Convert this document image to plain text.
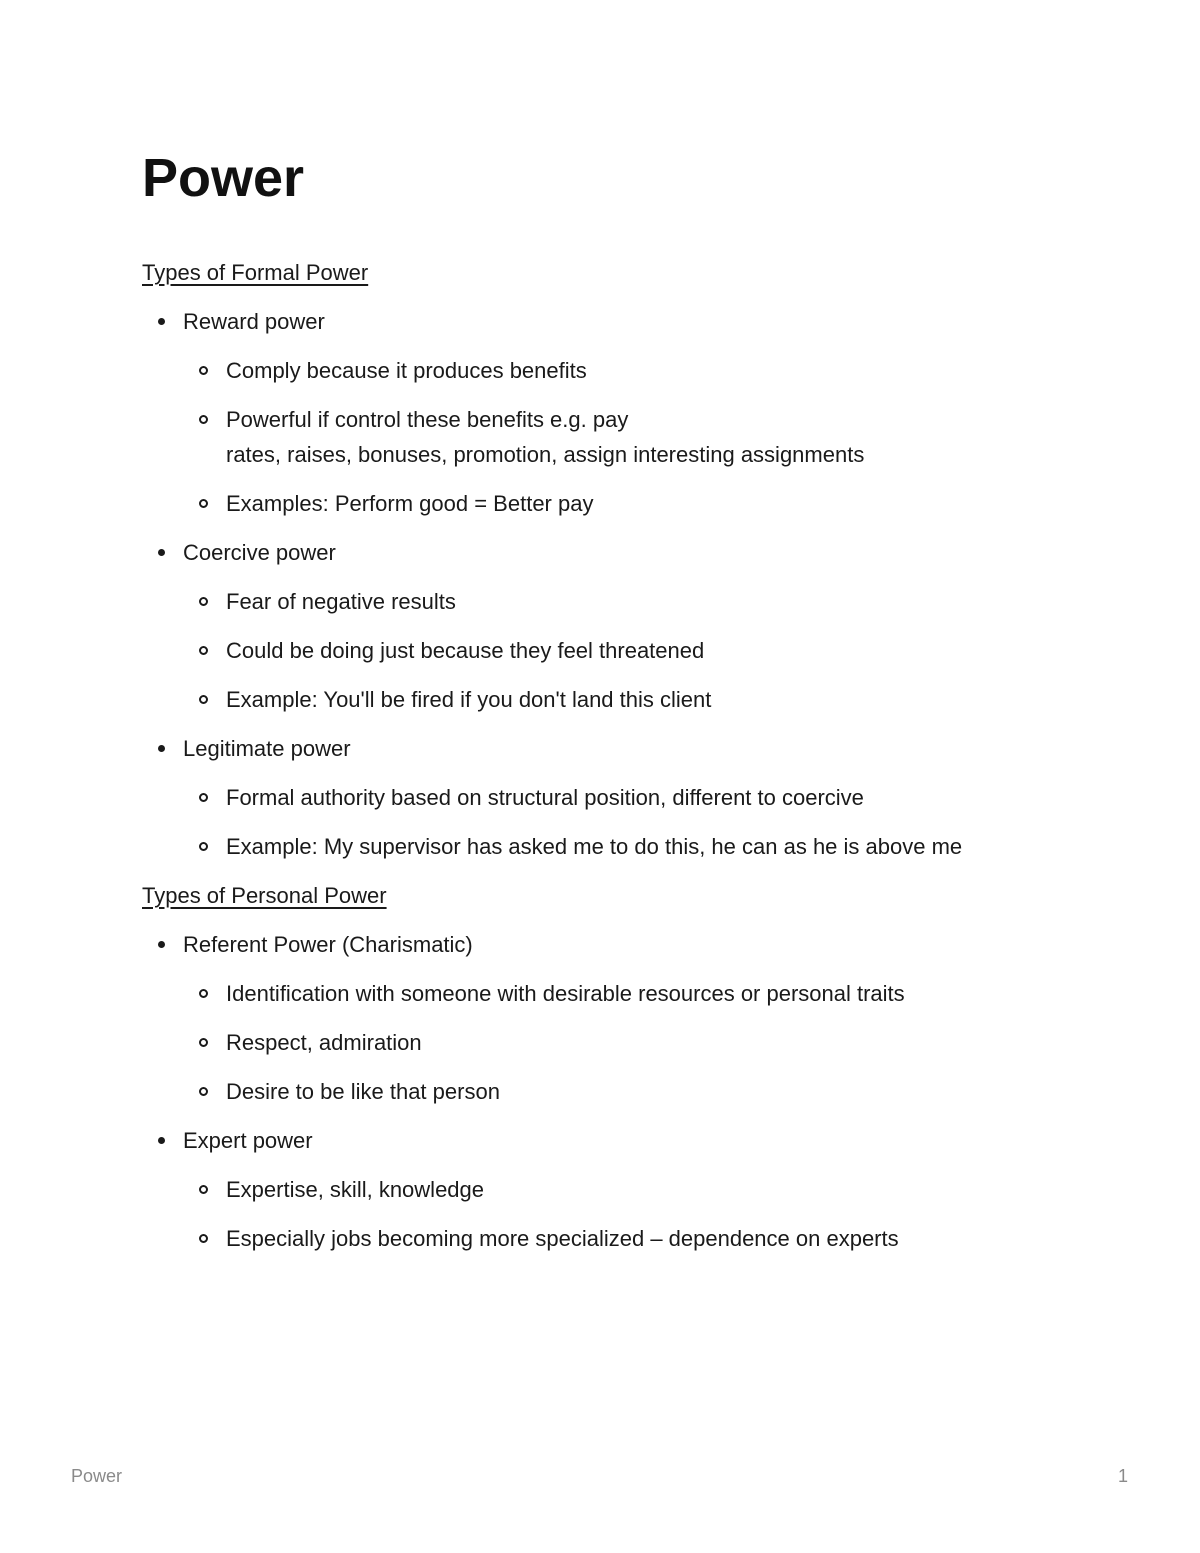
Power

Types of Formal Power

Reward power
Comply because it produces benefits
Powerful if control these benefits e.g. pay
rates, raises, bonuses, promotion, assign interesting assignments
Examples: Perform good = Better pay
Coercive power
Fear of negative results
Could be doing just because they feel threatened
Example: You'll be fired if you don't land this client
Legitimate power
Formal authority based on structural position, different to coercive
Example: My supervisor has asked me to do this, he can as he is above me

Types of Personal Power

Referent Power (Charismatic)
Identification with someone with desirable resources or personal traits
Respect, admiration
Desire to be like that person
Expert power
Expertise, skill, knowledge
Especially jobs becoming more specialized – dependence on experts
Power	1
